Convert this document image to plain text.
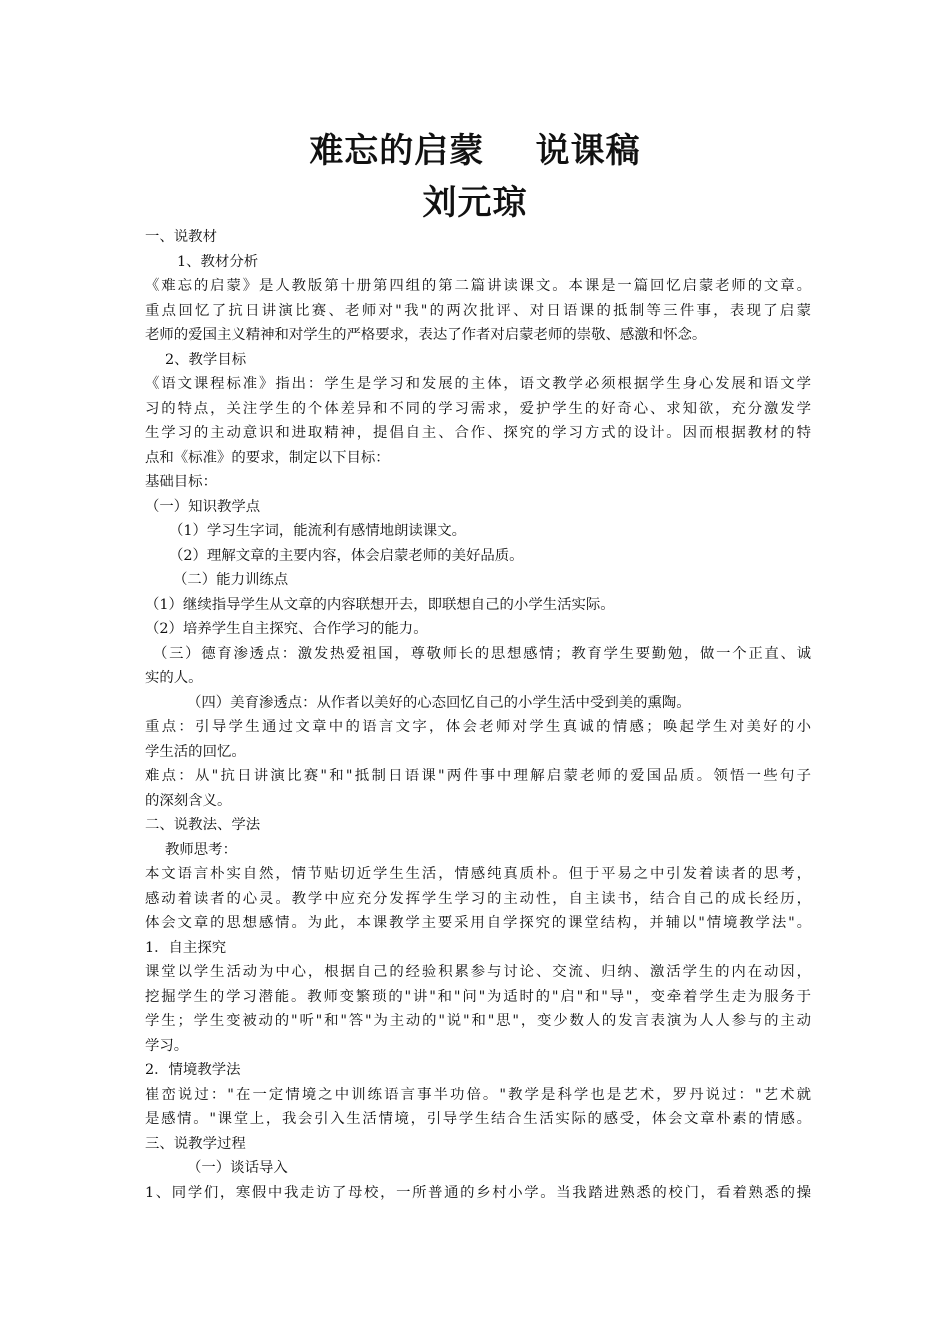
难忘的启蒙    说课稿
刘元琼
一、说教材
1、教材分析
《难忘的启蒙》是人教版第十册第四组的第二篇讲读课文。本课是一篇回忆启蒙老师的文章。
重点回忆了抗日讲演比赛、老师对"我"的两次批评、对日语课的抵制等三件事，表现了启蒙
老师的爱国主义精神和对学生的严格要求，表达了作者对启蒙老师的崇敬、感激和怀念。
2、教学目标
《语文课程标准》指出：学生是学习和发展的主体，语文教学必须根据学生身心发展和语文学
习的特点，关注学生的个体差异和不同的学习需求，爱护学生的好奇心、求知欲，充分激发学
生学习的主动意识和进取精神，提倡自主、合作、探究的学习方式的设计。因而根据教材的特
点和《标准》的要求，制定以下目标：
基础目标：
（一）知识教学点
（1）学习生字词，能流利有感情地朗读课文。
（2）理解文章的主要内容，体会启蒙老师的美好品质。
（二）能力训练点
（1）继续指导学生从文章的内容联想开去，即联想自己的小学生活实际。
（2）培养学生自主探究、合作学习的能力。
（三）德育渗透点：激发热爱祖国，尊敬师长的思想感情；教育学生要勤勉，做一个正直、诚
实的人。
（四）美育渗透点：从作者以美好的心态回忆自己的小学生活中受到美的熏陶。
重点：引导学生通过文章中的语言文字，体会老师对学生真诚的情感；唤起学生对美好的小
学生活的回忆。
难点：从"抗日讲演比赛"和"抵制日语课"两件事中理解启蒙老师的爱国品质。领悟一些句子
的深刻含义。
二、说教法、学法
教师思考：
本文语言朴实自然，情节贴切近学生生活，情感纯真质朴。但于平易之中引发着读者的思考，
感动着读者的心灵。教学中应充分发挥学生学习的主动性，自主读书，结合自己的成长经历，
体会文章的思想感情。为此，本课教学主要采用自学探究的课堂结构，并辅以"情境教学法"。
1．自主探究
课堂以学生活动为中心，根据自己的经验积累参与讨论、交流、归纳、激活学生的内在动因，
挖掘学生的学习潜能。教师变繁琐的"讲"和"问"为适时的"启"和"导"，变牵着学生走为服务于
学生；学生变被动的"听"和"答"为主动的"说"和"思"，变少数人的发言表演为人人参与的主动
学习。
2．情境教学法
崔峦说过："在一定情境之中训练语言事半功倍。"教学是科学也是艺术，罗丹说过："艺术就
是感情。"课堂上，我会引入生活情境，引导学生结合生活实际的感受，体会文章朴素的情感。
三、说教学过程
（一）谈话导入
1、同学们，寒假中我走访了母校，一所普通的乡村小学。当我踏进熟悉的校门，看着熟悉的操
